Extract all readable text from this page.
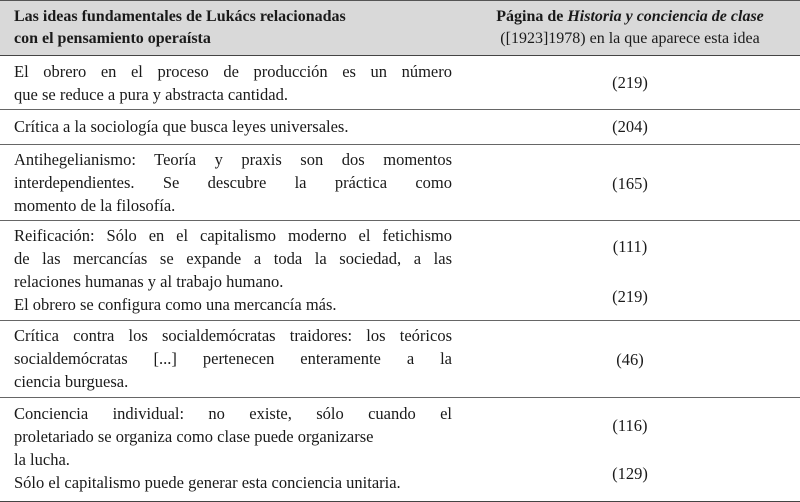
Las ideas fundamentales de Lukács relacionadas
con el pensamiento operaísta
Página de Historia y conciencia de clase
([1923]1978) en la que aparece esta idea
El obrero en el proceso de producción es un número
que se reduce a pura y abstracta cantidad.
(219)
Crítica a la sociología que busca leyes universales.	(204)
Antihegelianismo: Teoría y praxis son dos momentos
interdependientes. Se descubre la práctica como
momento de la filosofía.
(165)
Reificación: Sólo en el capitalismo moderno el fetichismo
de las mercancías se expande a toda la sociedad, a las
relaciones humanas y al trabajo humano.
El obrero se configura como una mercancía más.
(111)
(219)
Crítica contra los socialdemócratas traidores: los teóricos
socialdemócratas [...] pertenecen enteramente a la
ciencia burguesa.
(46)
Conciencia individual: no existe, sólo cuando el
proletariado se organiza como clase puede organizarse
la lucha.
Sólo el capitalismo puede generar esta conciencia unitaria.
(116)
(129)
